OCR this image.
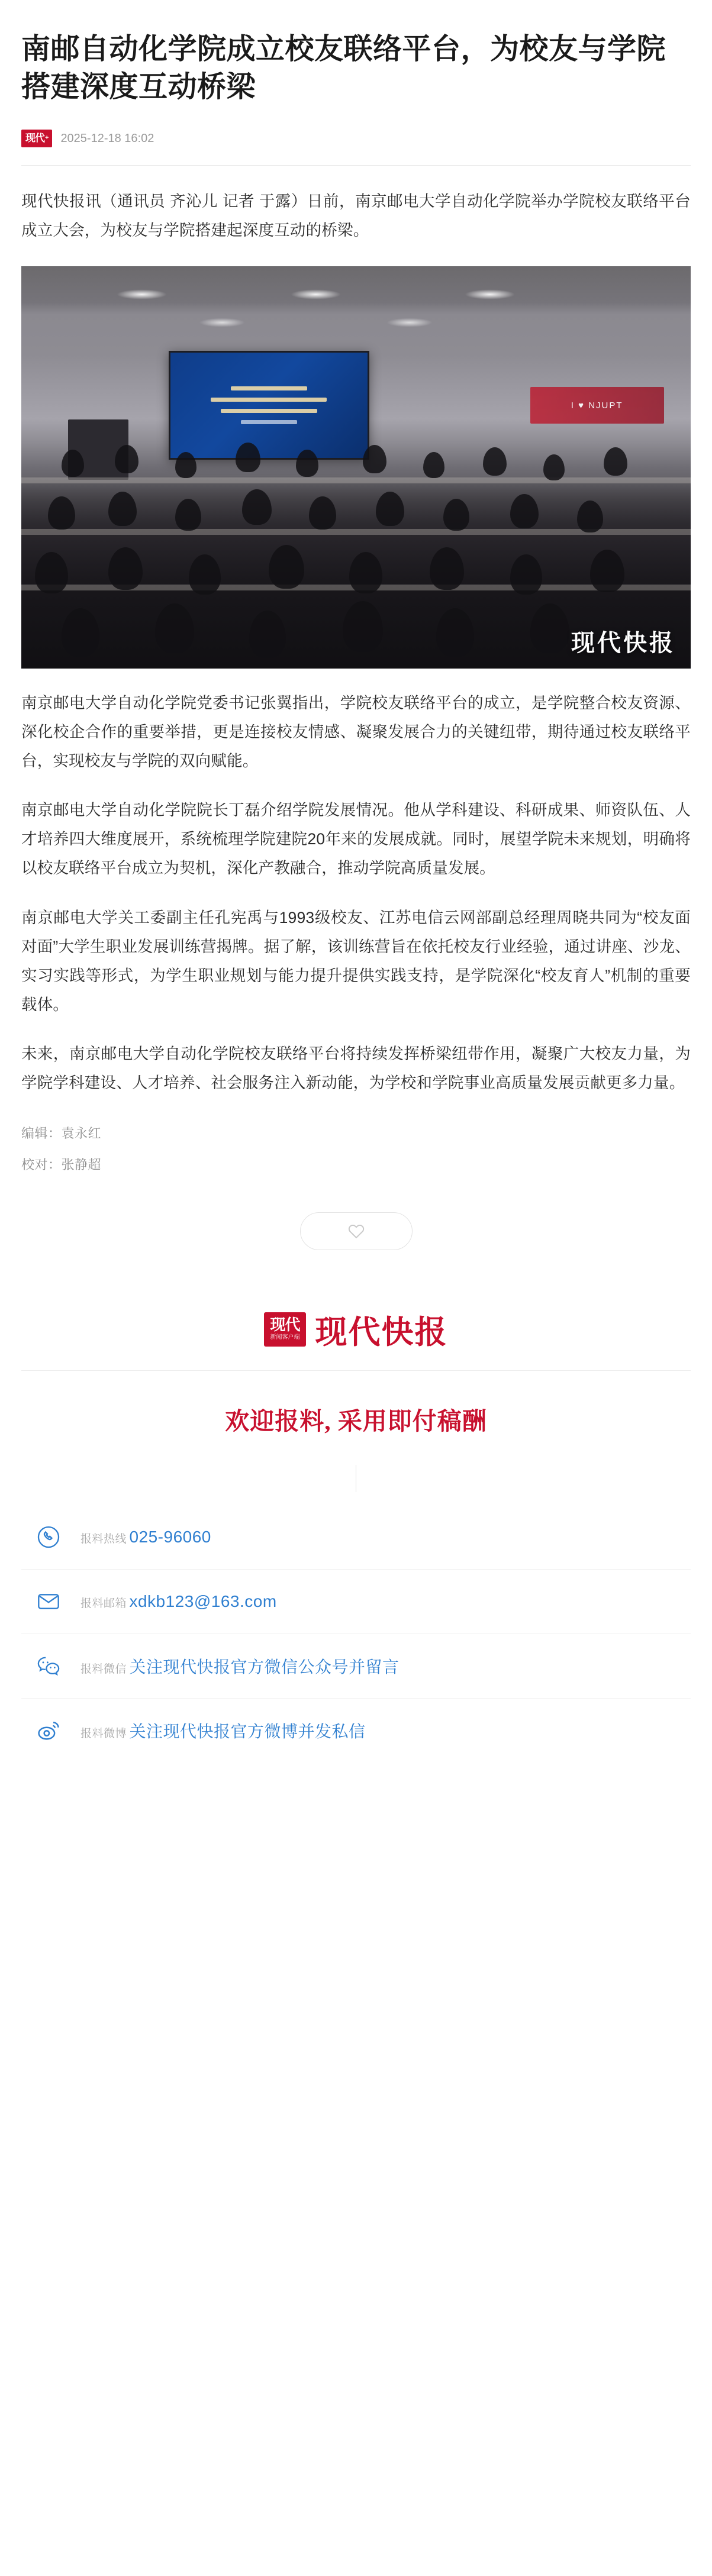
南邮自动化学院成立校友联络平台，为校友与学院搭建深度互动桥梁
现代 + 2025-12-18 16:02

现代快报讯（通讯员 齐沁儿 记者 于露）日前，南京邮电大学自动化学院举办学院校友联络平台成立大会，为校友与学院搭建起深度互动的桥梁。

I ♥ NJUPT
现代快报

南京邮电大学自动化学院党委书记张翼指出，学院校友联络平台的成立，是学院整合校友资源、深化校企合作的重要举措，更是连接校友情感、凝聚发展合力的关键纽带，期待通过校友联络平台，实现校友与学院的双向赋能。

南京邮电大学自动化学院院长丁磊介绍学院发展情况。他从学科建设、科研成果、师资队伍、人才培养四大维度展开，系统梳理学院建院20年来的发展成就。同时，展望学院未来规划，明确将以校友联络平台成立为契机，深化产教融合，推动学院高质量发展。

南京邮电大学关工委副主任孔宪禹与1993级校友、江苏电信云网部副总经理周晓共同为“校友面对面”大学生职业发展训练营揭牌。据了解，该训练营旨在依托校友行业经验，通过讲座、沙龙、实习实践等形式，为学生职业规划与能力提升提供实践支持，是学院深化“校友育人”机制的重要载体。

未来，南京邮电大学自动化学院校友联络平台将持续发挥桥梁纽带作用，凝聚广大校友力量，为学院学科建设、人才培养、社会服务注入新动能，为学校和学院事业高质量发展贡献更多力量。

编辑：袁永红
校对：张静超
现代
新闻客户端 现代快报
欢迎报料, 采用即付稿酬
报料热线 025-96060
报料邮箱 xdkb123@163.com
报料微信 关注现代快报官方微信公众号并留言
报料微博 关注现代快报官方微博并发私信
